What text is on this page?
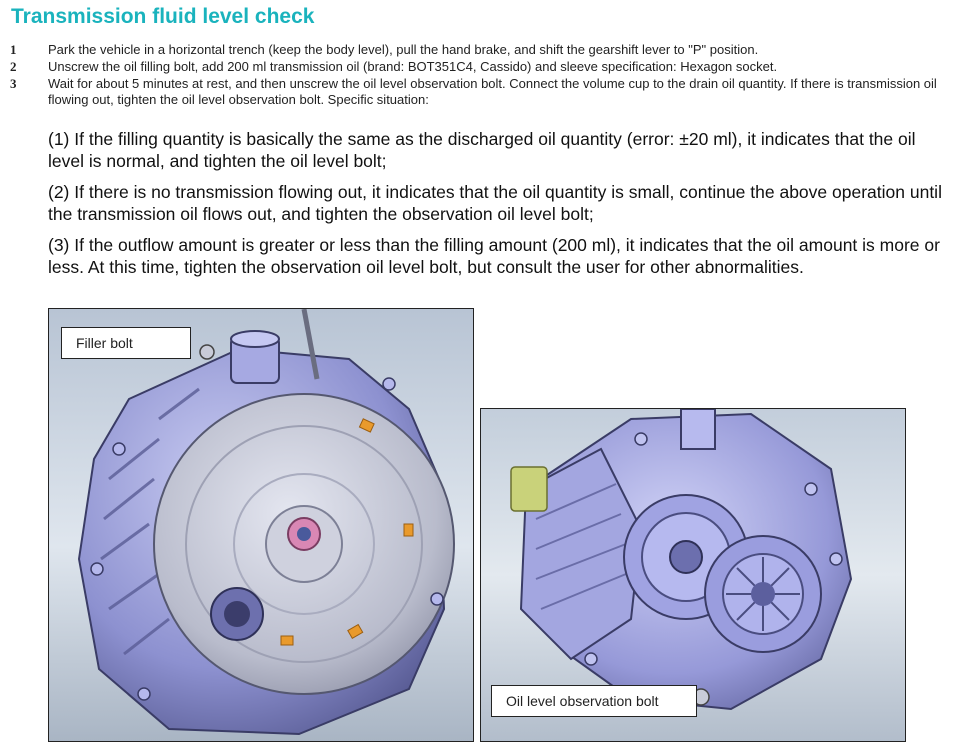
Transmission fluid level check
1	Park the vehicle in a horizontal trench (keep the body level), pull the hand brake, and shift the gearshift lever to "P" position.
2	Unscrew the oil filling bolt, add 200 ml transmission oil (brand: BOT351C4, Cassido) and sleeve specification: Hexagon socket.
3	Wait for about 5 minutes at rest, and then unscrew the oil level observation bolt. Connect the volume cup to the drain oil quantity. If there is transmission oil flowing out, tighten the oil level observation bolt. Specific situation:
(1) If the filling quantity is basically the same as the discharged oil quantity (error: ±20 ml), it indicates that the oil level is normal, and tighten the oil level bolt;
(2) If there is no transmission flowing out, it indicates that the oil quantity is small, continue the above operation until the transmission oil flows out, and tighten the observation oil level bolt;
(3) If the outflow amount is greater or less than the filling amount (200 ml), it indicates that the oil amount is more or less. At this time, tighten the observation oil level bolt, but consult the user for other abnormalities.
Filler bolt
Oil level observation bolt
